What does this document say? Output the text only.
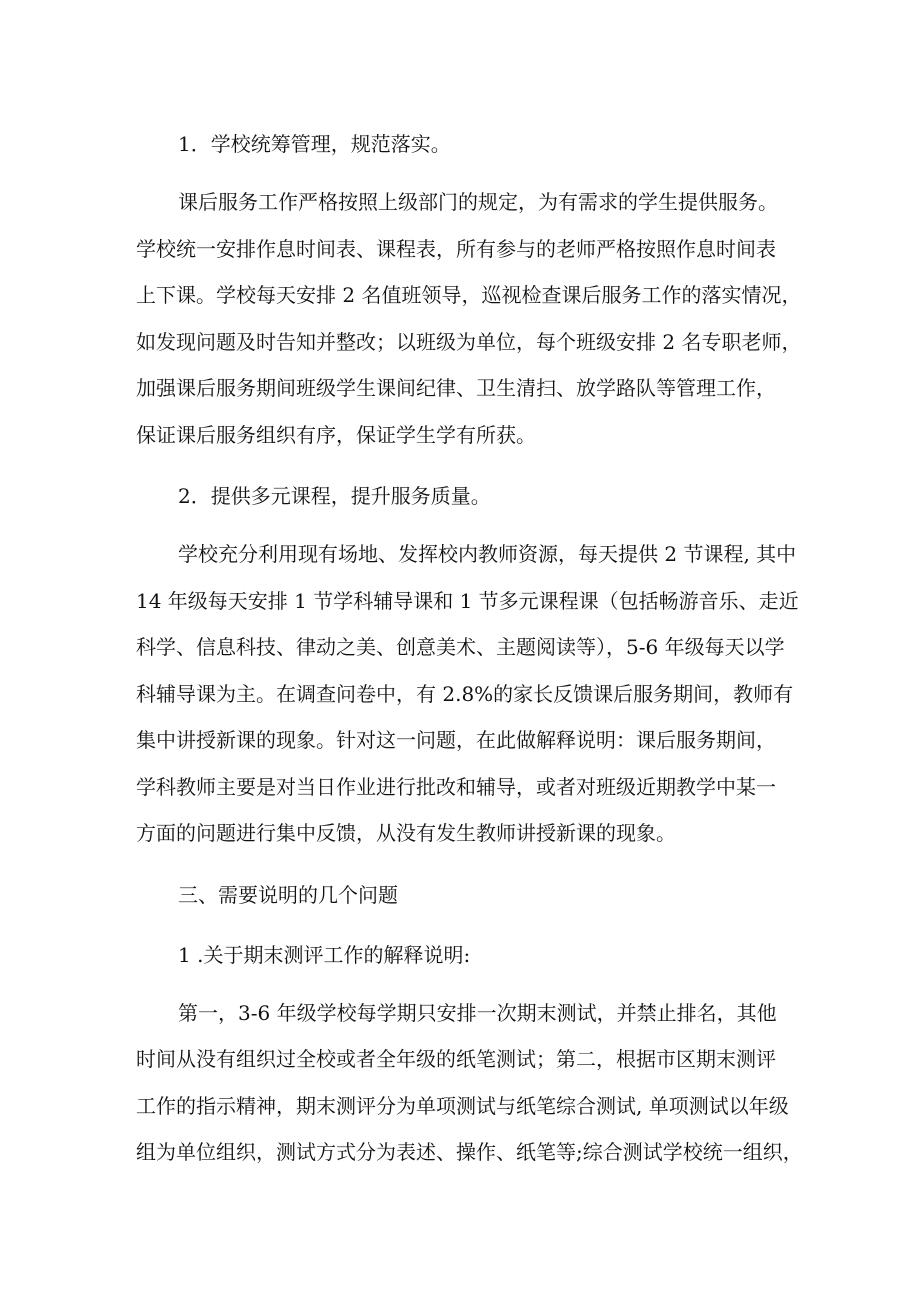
1．学校统筹管理，规范落实。

课后服务工作严格按照上级部门的规定，为有需求的学生提供服务。
学校统一安排作息时间表、课程表，所有参与的老师严格按照作息时间表
上下课。学校每天安排 2 名值班领导，巡视检查课后服务工作的落实情况，
如发现问题及时告知并整改；以班级为单位，每个班级安排 2 名专职老师，
加强课后服务期间班级学生课间纪律、卫生清扫、放学路队等管理工作，
保证课后服务组织有序，保证学生学有所获。

2．提供多元课程，提升服务质量。

学校充分利用现有场地、发挥校内教师资源，每天提供 2 节课程, 其中
14 年级每天安排 1 节学科辅导课和 1 节多元课程课（包括畅游音乐、走近
科学、信息科技、律动之美、创意美术、主题阅读等），5-6 年级每天以学
科辅导课为主。在调查问卷中，有 2.8%的家长反馈课后服务期间，教师有
集中讲授新课的现象。针对这一问题，在此做解释说明：课后服务期间，
学科教师主要是对当日作业进行批改和辅导，或者对班级近期教学中某一
方面的问题进行集中反馈，从没有发生教师讲授新课的现象。

三、需要说明的几个问题
1 .关于期末测评工作的解释说明:

第一，3-6 年级学校每学期只安排一次期末测试，并禁止排名，其他
时间从没有组织过全校或者全年级的纸笔测试；第二，根据市区期末测评
工作的指示精神，期末测评分为单项测试与纸笔综合测试, 单项测试以年级
组为单位组织，测试方式分为表述、操作、纸笔等;综合测试学校统一组织，
